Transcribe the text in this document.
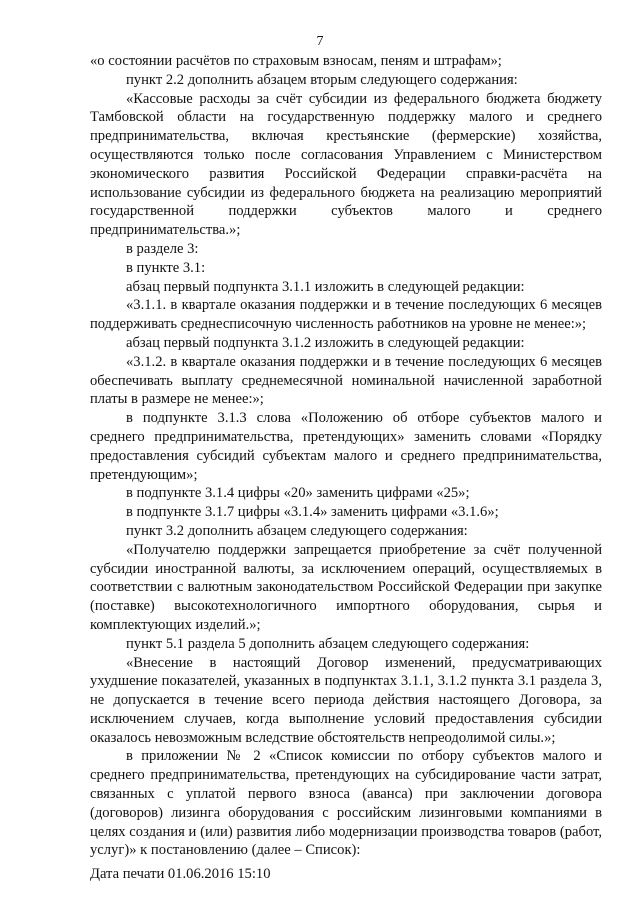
7

«о состоянии расчётов по страховым взносам, пеням и штрафам»;

пункт 2.2 дополнить абзацем вторым следующего содержания:

«Кассовые расходы за счёт субсидии из федерального бюджета бюджету Тамбовской области на государственную поддержку малого и среднего предпринимательства, включая крестьянские (фермерские) хозяйства, осуществляются только после согласования Управлением с Министерством экономического развития Российской Федерации справки-расчёта на использование субсидии из федерального бюджета на реализацию мероприятий государственной поддержки субъектов малого и среднего предпринимательства.»;

в разделе 3:

в пункте 3.1:

абзац первый подпункта 3.1.1 изложить в следующей редакции:

«3.1.1. в квартале оказания поддержки и в течение последующих 6 месяцев поддерживать среднесписочную численность работников на уровне не менее:»;

абзац первый подпункта 3.1.2 изложить в следующей редакции:

«3.1.2. в квартале оказания поддержки и в течение последующих 6 месяцев обеспечивать выплату среднемесячной номинальной начисленной заработной платы в размере не менее:»;

в подпункте 3.1.3 слова «Положению об отборе субъектов малого и среднего предпринимательства, претендующих» заменить словами «Порядку предоставления субсидий субъектам малого и среднего предпринимательства, претендующим»;

в подпункте 3.1.4 цифры «20» заменить цифрами «25»;

в подпункте 3.1.7 цифры «3.1.4» заменить цифрами «3.1.6»;

пункт 3.2 дополнить абзацем следующего содержания:

«Получателю поддержки запрещается приобретение за счёт полученной субсидии иностранной валюты, за исключением операций, осуществляемых в соответствии с валютным законодательством Российской Федерации при закупке (поставке) высокотехнологичного импортного оборудования, сырья и комплектующих изделий.»;

пункт 5.1 раздела 5 дополнить абзацем следующего содержания:

«Внесение в настоящий Договор изменений, предусматривающих ухудшение показателей, указанных в подпунктах 3.1.1, 3.1.2 пункта 3.1 раздела 3, не допускается в течение всего периода действия настоящего Договора, за исключением случаев, когда выполнение условий предоставления субсидии оказалось невозможным вследствие обстоятельств непреодолимой силы.»;

в приложении № 2 «Список комиссии по отбору субъектов малого и среднего предпринимательства, претендующих на субсидирование части затрат, связанных с уплатой первого взноса (аванса) при заключении договора (договоров) лизинга оборудования с российским лизинговыми компаниями в целях создания и (или) развития либо модернизации производства товаров (работ, услуг)» к постановлению (далее – Список):

Дата печати 01.06.2016 15:10
